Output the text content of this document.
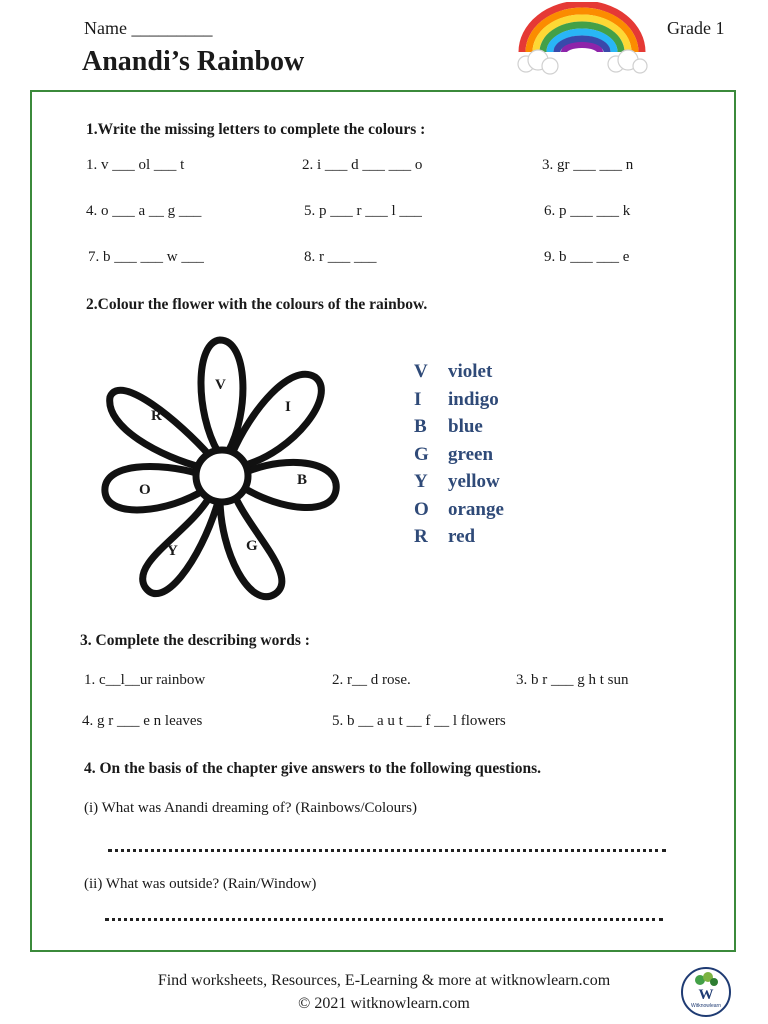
Name _________	Grade 1
Anandi’s Rainbow
1.Write the missing letters to complete the colours :
1. v ___ ol ___ t	2. i ___ d ___ ___ o	3. gr ___ ___ n
4. o ___ a __ g ___	5. p ___ r ___ l ___	6. p ___ ___ k
7. b ___ ___ w ___	8. r ___ ___	9. b ___ ___ e
2.Colour the flower with the colours of the rainbow.
V
I
R
B
O
G
Y
V violet
I indigo
B blue
G green
Y yellow
O orange
R red
3. Complete the describing words :
1. c__l__ur rainbow	2. r__ d rose.	3. b r ___ g h t sun
4. g r ___ e n leaves	5. b __ a u t __ f __ l flowers
4. On the basis of the chapter give answers to the following questions.
(i) What was Anandi dreaming of? (Rainbows/Colours)
(ii) What was outside? (Rain/Window)
Find worksheets, Resources, E-Learning & more at witknowlearn.com
© 2021 witknowlearn.com	W
Witknowlearn
